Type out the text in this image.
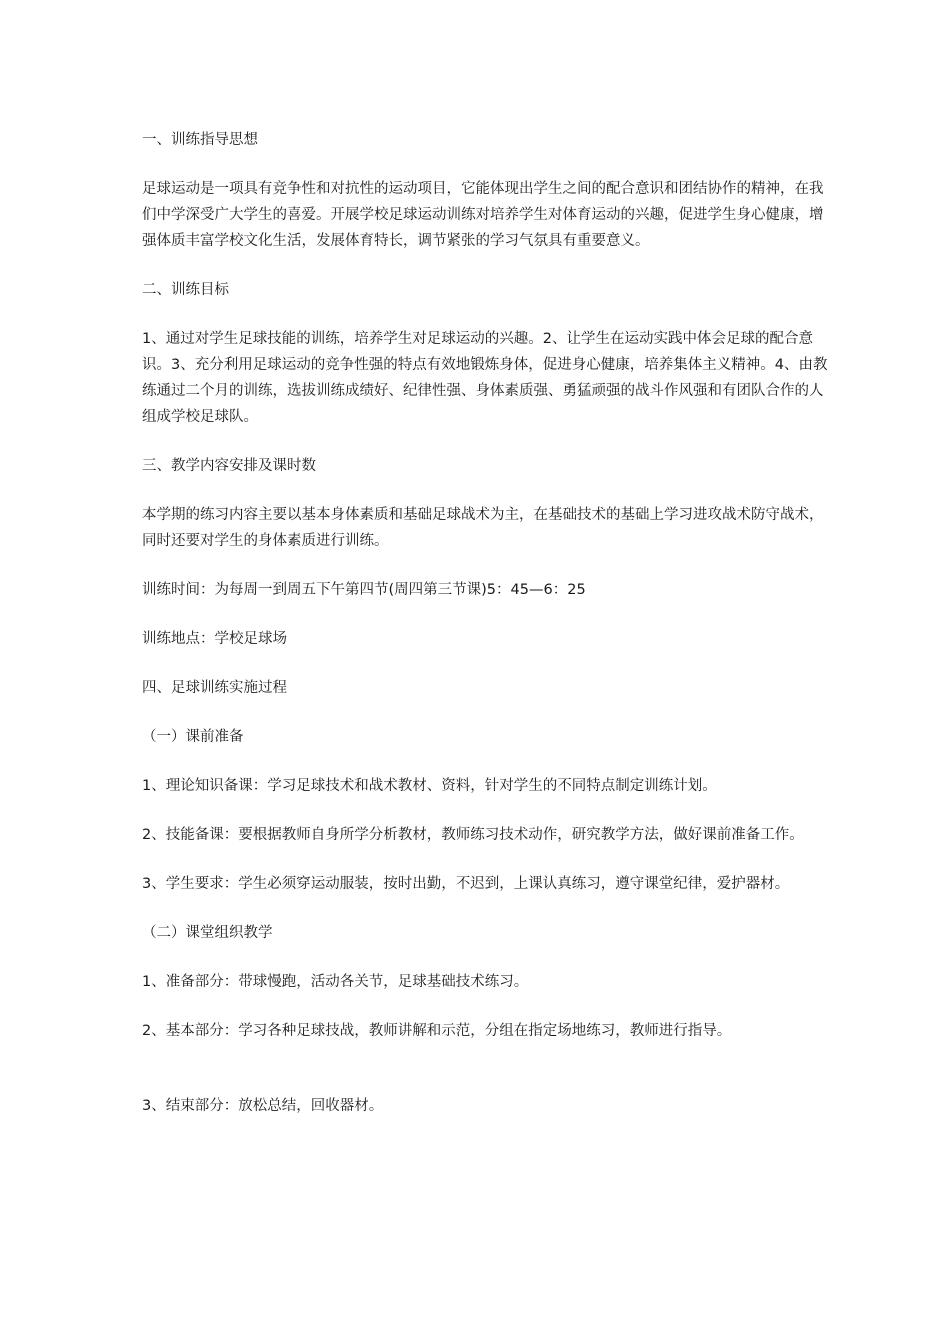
一、训练指导思想

足球运动是一项具有竞争性和对抗性的运动项目，它能体现出学生之间的配合意识和团结协作的精神，在我们中学深受广大学生的喜爱。开展学校足球运动训练对培养学生对体育运动的兴趣，促进学生身心健康，增强体质丰富学校文化生活，发展体育特长，调节紧张的学习气氛具有重要意义。

二、训练目标

1、通过对学生足球技能的训练，培养学生对足球运动的兴趣。2、让学生在运动实践中体会足球的配合意识。3、充分利用足球运动的竞争性强的特点有效地锻炼身体，促进身心健康，培养集体主义精神。4、由教练通过二个月的训练，选拔训练成绩好、纪律性强、身体素质强、勇猛顽强的战斗作风强和有团队合作的人组成学校足球队。

三、教学内容安排及课时数

本学期的练习内容主要以基本身体素质和基础足球战术为主，在基础技术的基础上学习进攻战术防守战术，同时还要对学生的身体素质进行训练。

训练时间：为每周一到周五下午第四节(周四第三节课)5：45—6：25

训练地点：学校足球场

四、足球训练实施过程

（一）课前准备

1、理论知识备课：学习足球技术和战术教材、资料，针对学生的不同特点制定训练计划。

2、技能备课：要根据教师自身所学分析教材，教师练习技术动作，研究教学方法，做好课前准备工作。

3、学生要求：学生必须穿运动服装，按时出勤，不迟到，上课认真练习，遵守课堂纪律，爱护器材。

（二）课堂组织教学

1、准备部分：带球慢跑，活动各关节，足球基础技术练习。

2、基本部分：学习各种足球技战，教师讲解和示范，分组在指定场地练习，教师进行指导。

3、结束部分：放松总结，回收器材。
